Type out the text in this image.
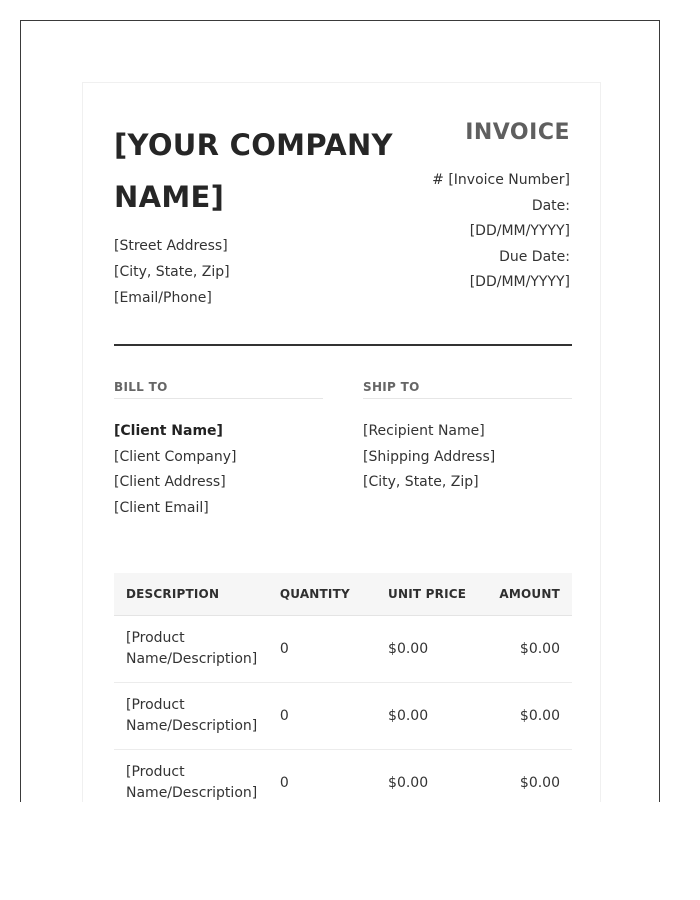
[YOUR COMPANY
NAME]
[Street Address]
[City, State, Zip]
[Email/Phone]
INVOICE
# [Invoice Number]
Date:
[DD/MM/YYYY]
Due Date:
[DD/MM/YYYY]
BILL TO
[Client Name]
[Client Company]
[Client Address]
[Client Email]
SHIP TO
[Recipient Name]
[Shipping Address]
[City, State, Zip]
DESCRIPTION	QUANTITY	UNIT PRICE	AMOUNT
[Product
Name/Description]
0	$0.00	$0.00
[Product
Name/Description]
0	$0.00	$0.00
[Product
Name/Description]
0	$0.00	$0.00
